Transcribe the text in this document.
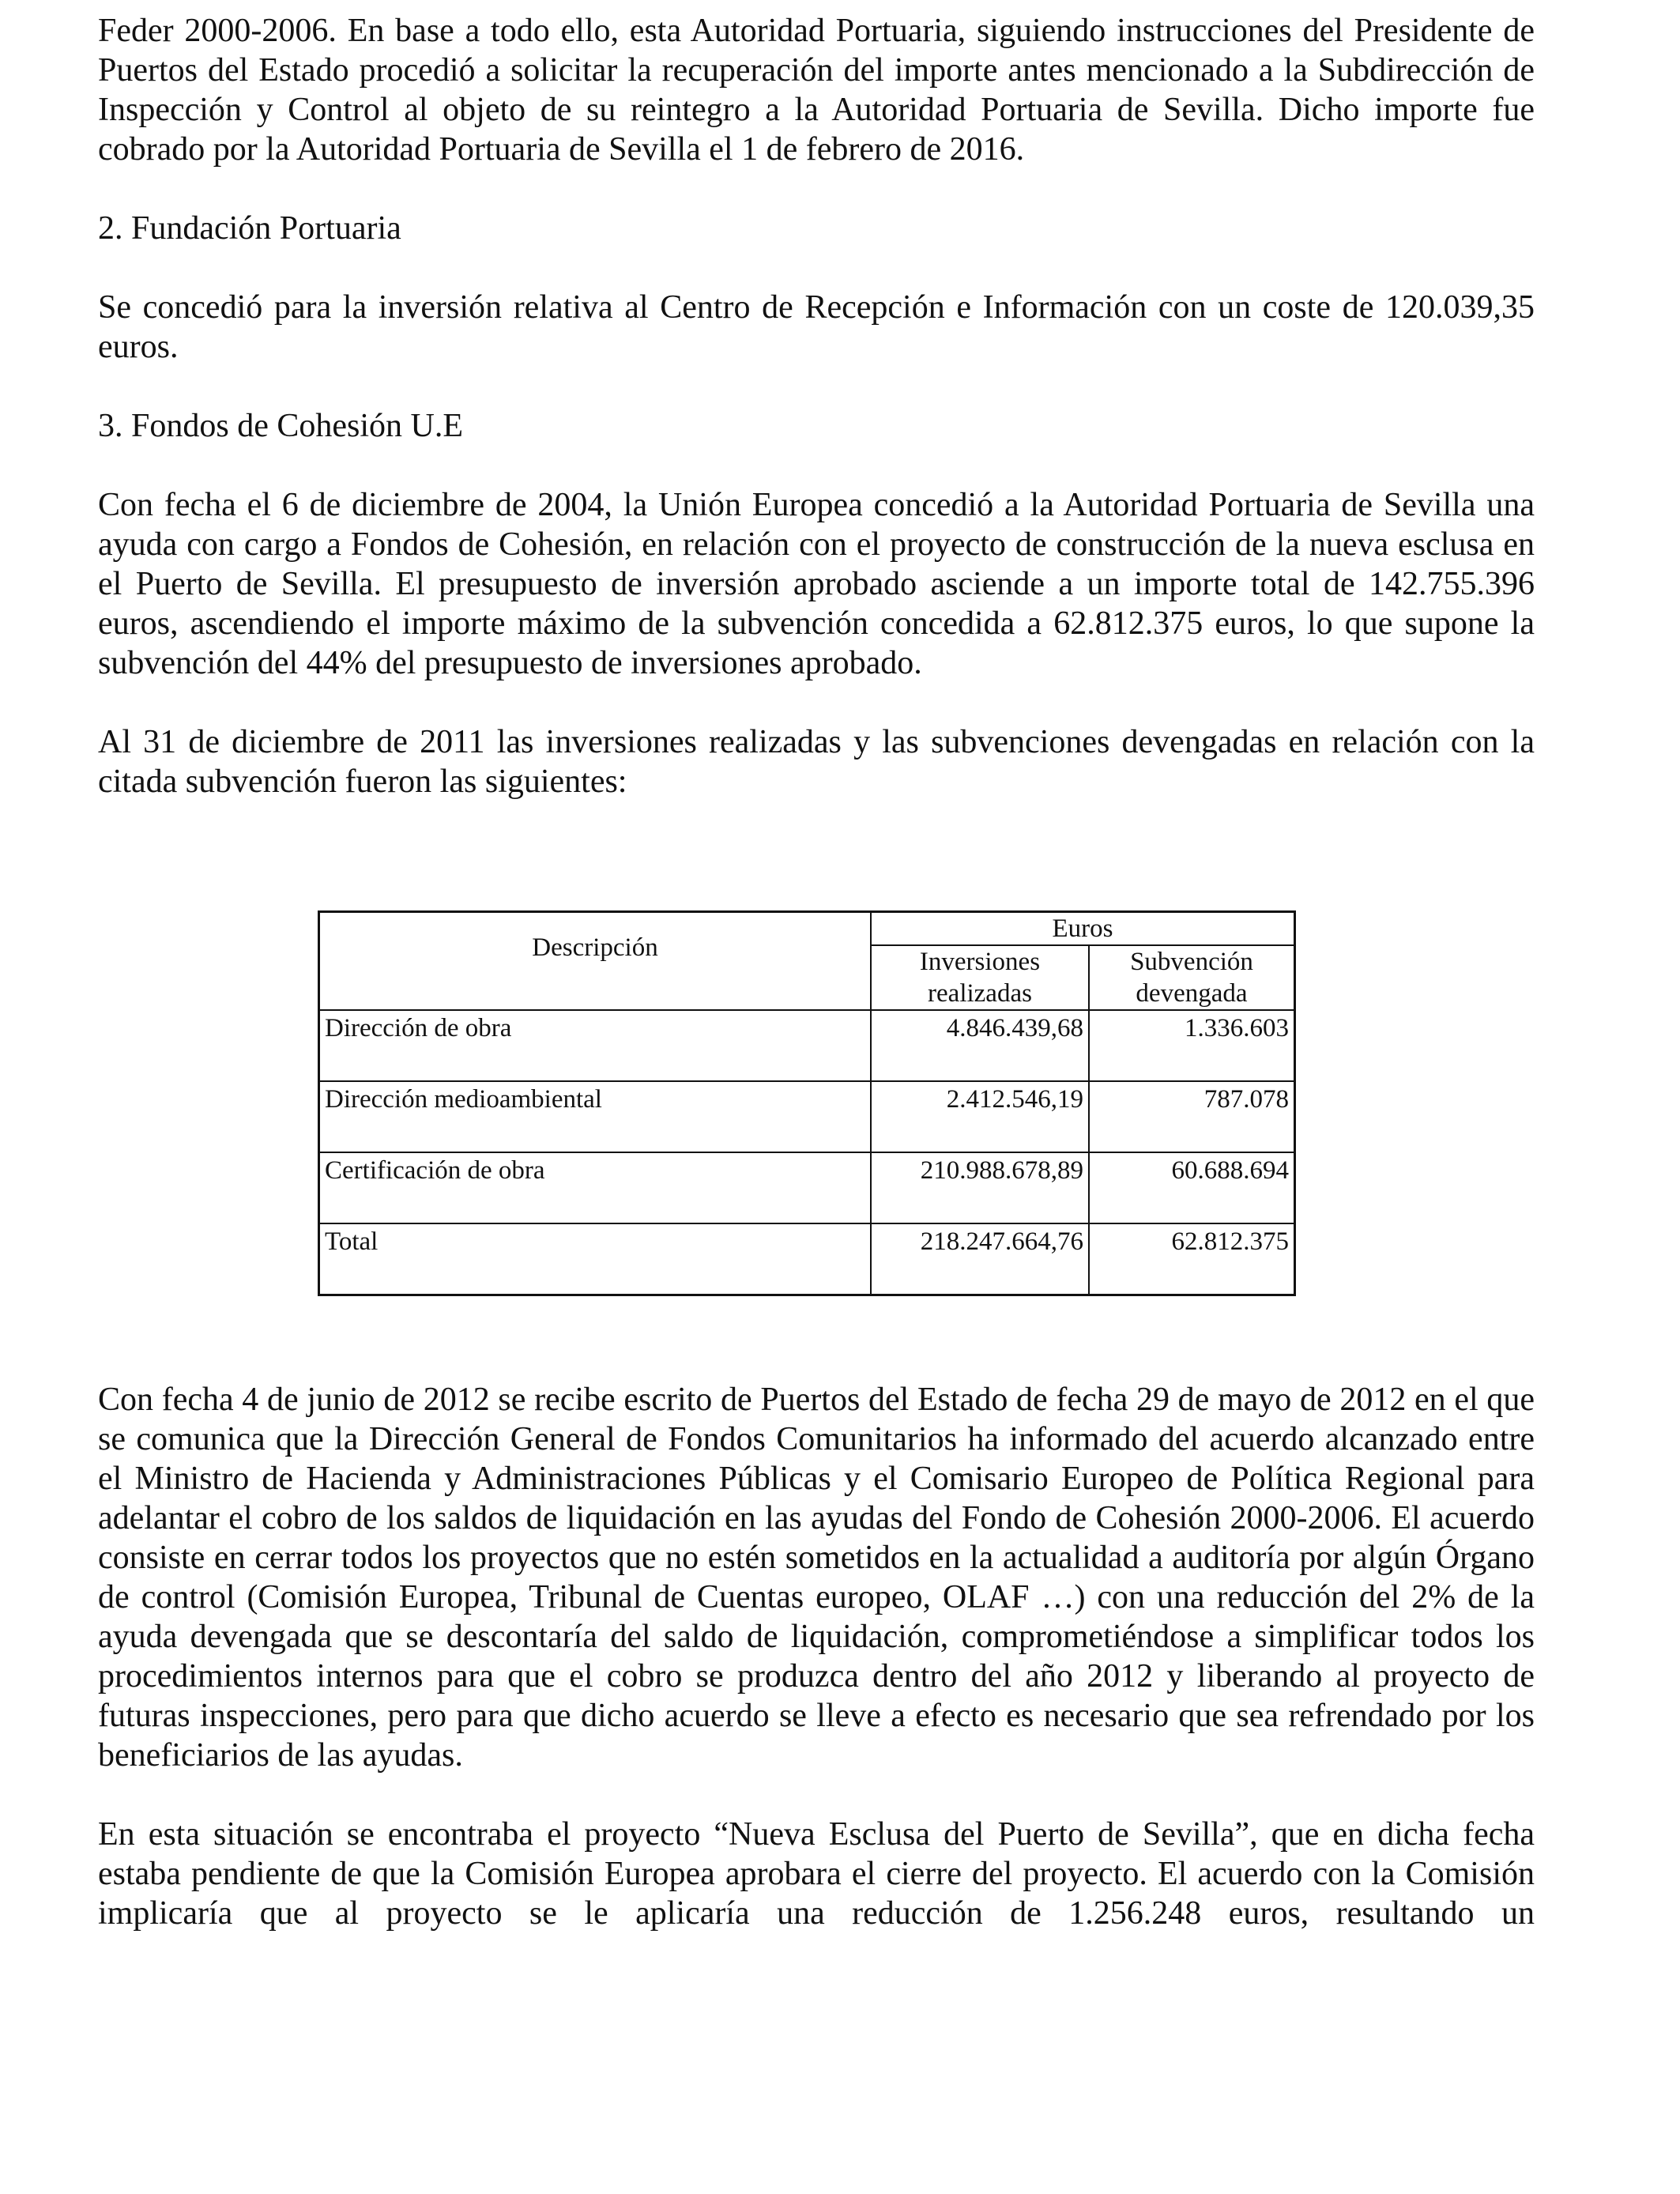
Feder 2000-2006. En base a todo ello, esta Autoridad Portuaria, siguiendo instrucciones del Presidente de Puertos del Estado procedió a solicitar la recuperación del importe antes mencionado a la Subdirección de Inspección y Control al objeto de su reintegro a la Autoridad Portuaria de Sevilla. Dicho importe fue cobrado por la Autoridad Portuaria de Sevilla el 1 de febrero de 2016.

2. Fundación Portuaria

Se concedió para la inversión relativa al Centro de Recepción e Información con un coste de 120.039,35 euros.

3. Fondos de Cohesión U.E

Con fecha el 6 de diciembre de 2004, la Unión Europea concedió a la Autoridad Portuaria de Sevilla una ayuda con cargo a Fondos de Cohesión, en relación con el proyecto de construcción de la nueva esclusa en el Puerto de Sevilla. El presupuesto de inversión aprobado asciende a un importe total de 142.755.396 euros, ascendiendo el importe máximo de la subvención concedida a 62.812.375 euros, lo que supone la subvención del 44% del presupuesto de inversiones aprobado.

Al 31 de diciembre de 2011 las inversiones realizadas y las subvenciones devengadas en relación con la citada subvención fueron las siguientes:

Descripción	Euros	
	Inversiones realizadas	Subvención devengada
Dirección de obra	4.846.439,68	1.336.603
Dirección medioambiental	2.412.546,19	787.078
Certificación de obra	210.988.678,89	60.688.694
Total	218.247.664,76	62.812.375

Con fecha 4 de junio de 2012 se recibe escrito de Puertos del Estado de fecha 29 de mayo de 2012 en el que se comunica que la Dirección General de Fondos Comunitarios ha informado del acuerdo alcanzado entre el Ministro de Hacienda y Administraciones Públicas y el Comisario Europeo de Política Regional para adelantar el cobro de los saldos de liquidación en las ayudas del Fondo de Cohesión 2000-2006. El acuerdo consiste en cerrar todos los proyectos que no estén sometidos en la actualidad a auditoría por algún Órgano de control (Comisión Europea, Tribunal de Cuentas europeo, OLAF …) con una reducción del 2% de la ayuda devengada que se descontaría del saldo de liquidación, comprometiéndose a simplificar todos los procedimientos internos para que el cobro se produzca dentro del año 2012 y liberando al proyecto de futuras inspecciones, pero para que dicho acuerdo se lleve a efecto es necesario que sea refrendado por los beneficiarios de las ayudas.

En esta situación se encontraba el proyecto “Nueva Esclusa del Puerto de Sevilla”, que en dicha fecha estaba pendiente de que la Comisión Europea aprobara el cierre del proyecto. El acuerdo con la Comisión implicaría que al proyecto se le aplicaría una reducción de 1.256.248 euros, resultando un
